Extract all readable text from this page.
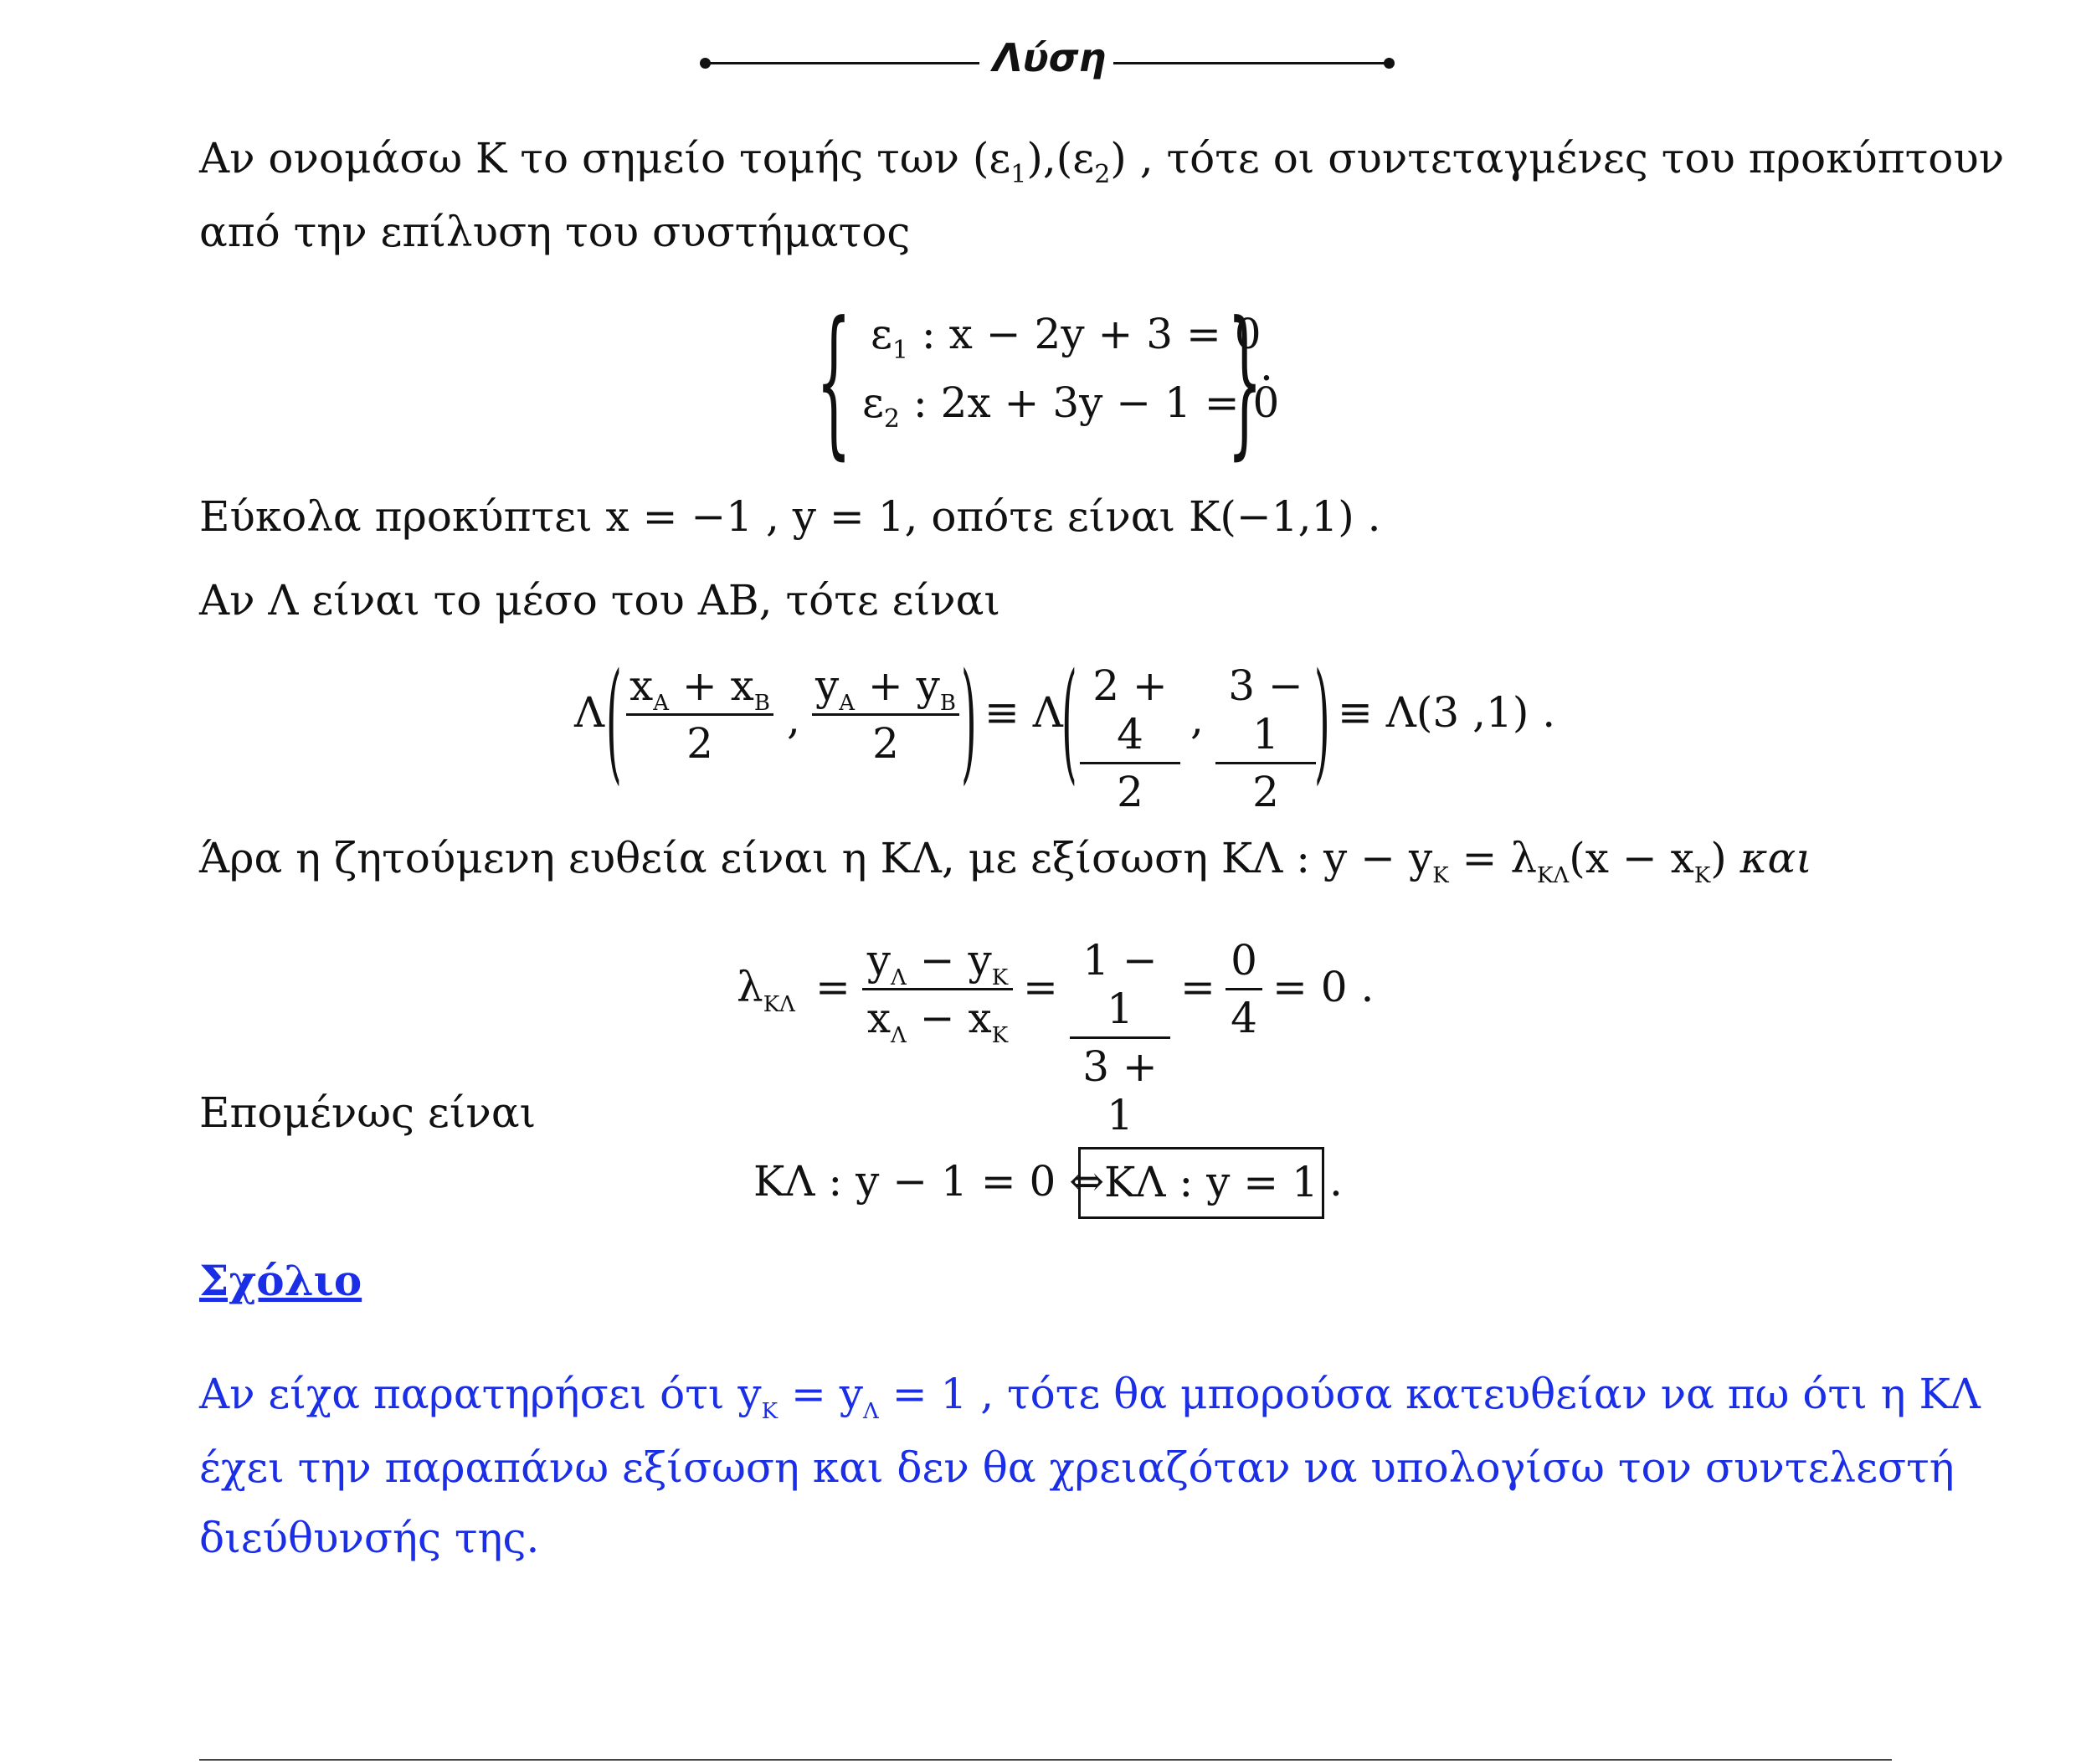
Λύση
Αν ονομάσω Κ το σημείο τομής των $(\varepsilon_1),(\varepsilon_2)$ , τότε οι συντεταγμένες του προκύπτουν
από την επίλυση του συστήματος
{ $\varepsilon_1$ : x − 2y + 3 = 0
$\varepsilon_2$ : 2x + 3y − 1 = 0
}
.
Εύκολα προκύπτει x = −1 , y = 1, οπότε είναι K(−1,1) .
Αν Λ είναι το μέσο του ΑΒ, τότε είναι
Λ ( $x_A + x_B$
2	,
$y_A + y_B$
2	) ≡ Λ
( 2 + 4
2
,
3 − 1
2 ) ≡ Λ(3 ,1) .
Άρα η ζητούμενη ευθεία είναι η ΚΛ, με εξίσωση ΚΛ : $y - y_K = \lambda_{K\Lambda}(x - x_K)$ και
$\lambda_{K\Lambda}$ =
$y_\Lambda - y_K$
$x_\Lambda - x_K$
=
1 − 1
3 + 1
=
0
4
= 0 .
Επομένως είναι
ΚΛ : y − 1 = 0 ⇔ ΚΛ : y = 1 .
Σχόλιο
Αν είχα παρατηρήσει ότι $y_K = y_\Lambda = 1$ , τότε θα μπορούσα κατευθείαν να πω ότι η ΚΛ
έχει την παραπάνω εξίσωση και δεν θα χρειαζόταν να υπολογίσω τον συντελεστή
διεύθυνσής της.
